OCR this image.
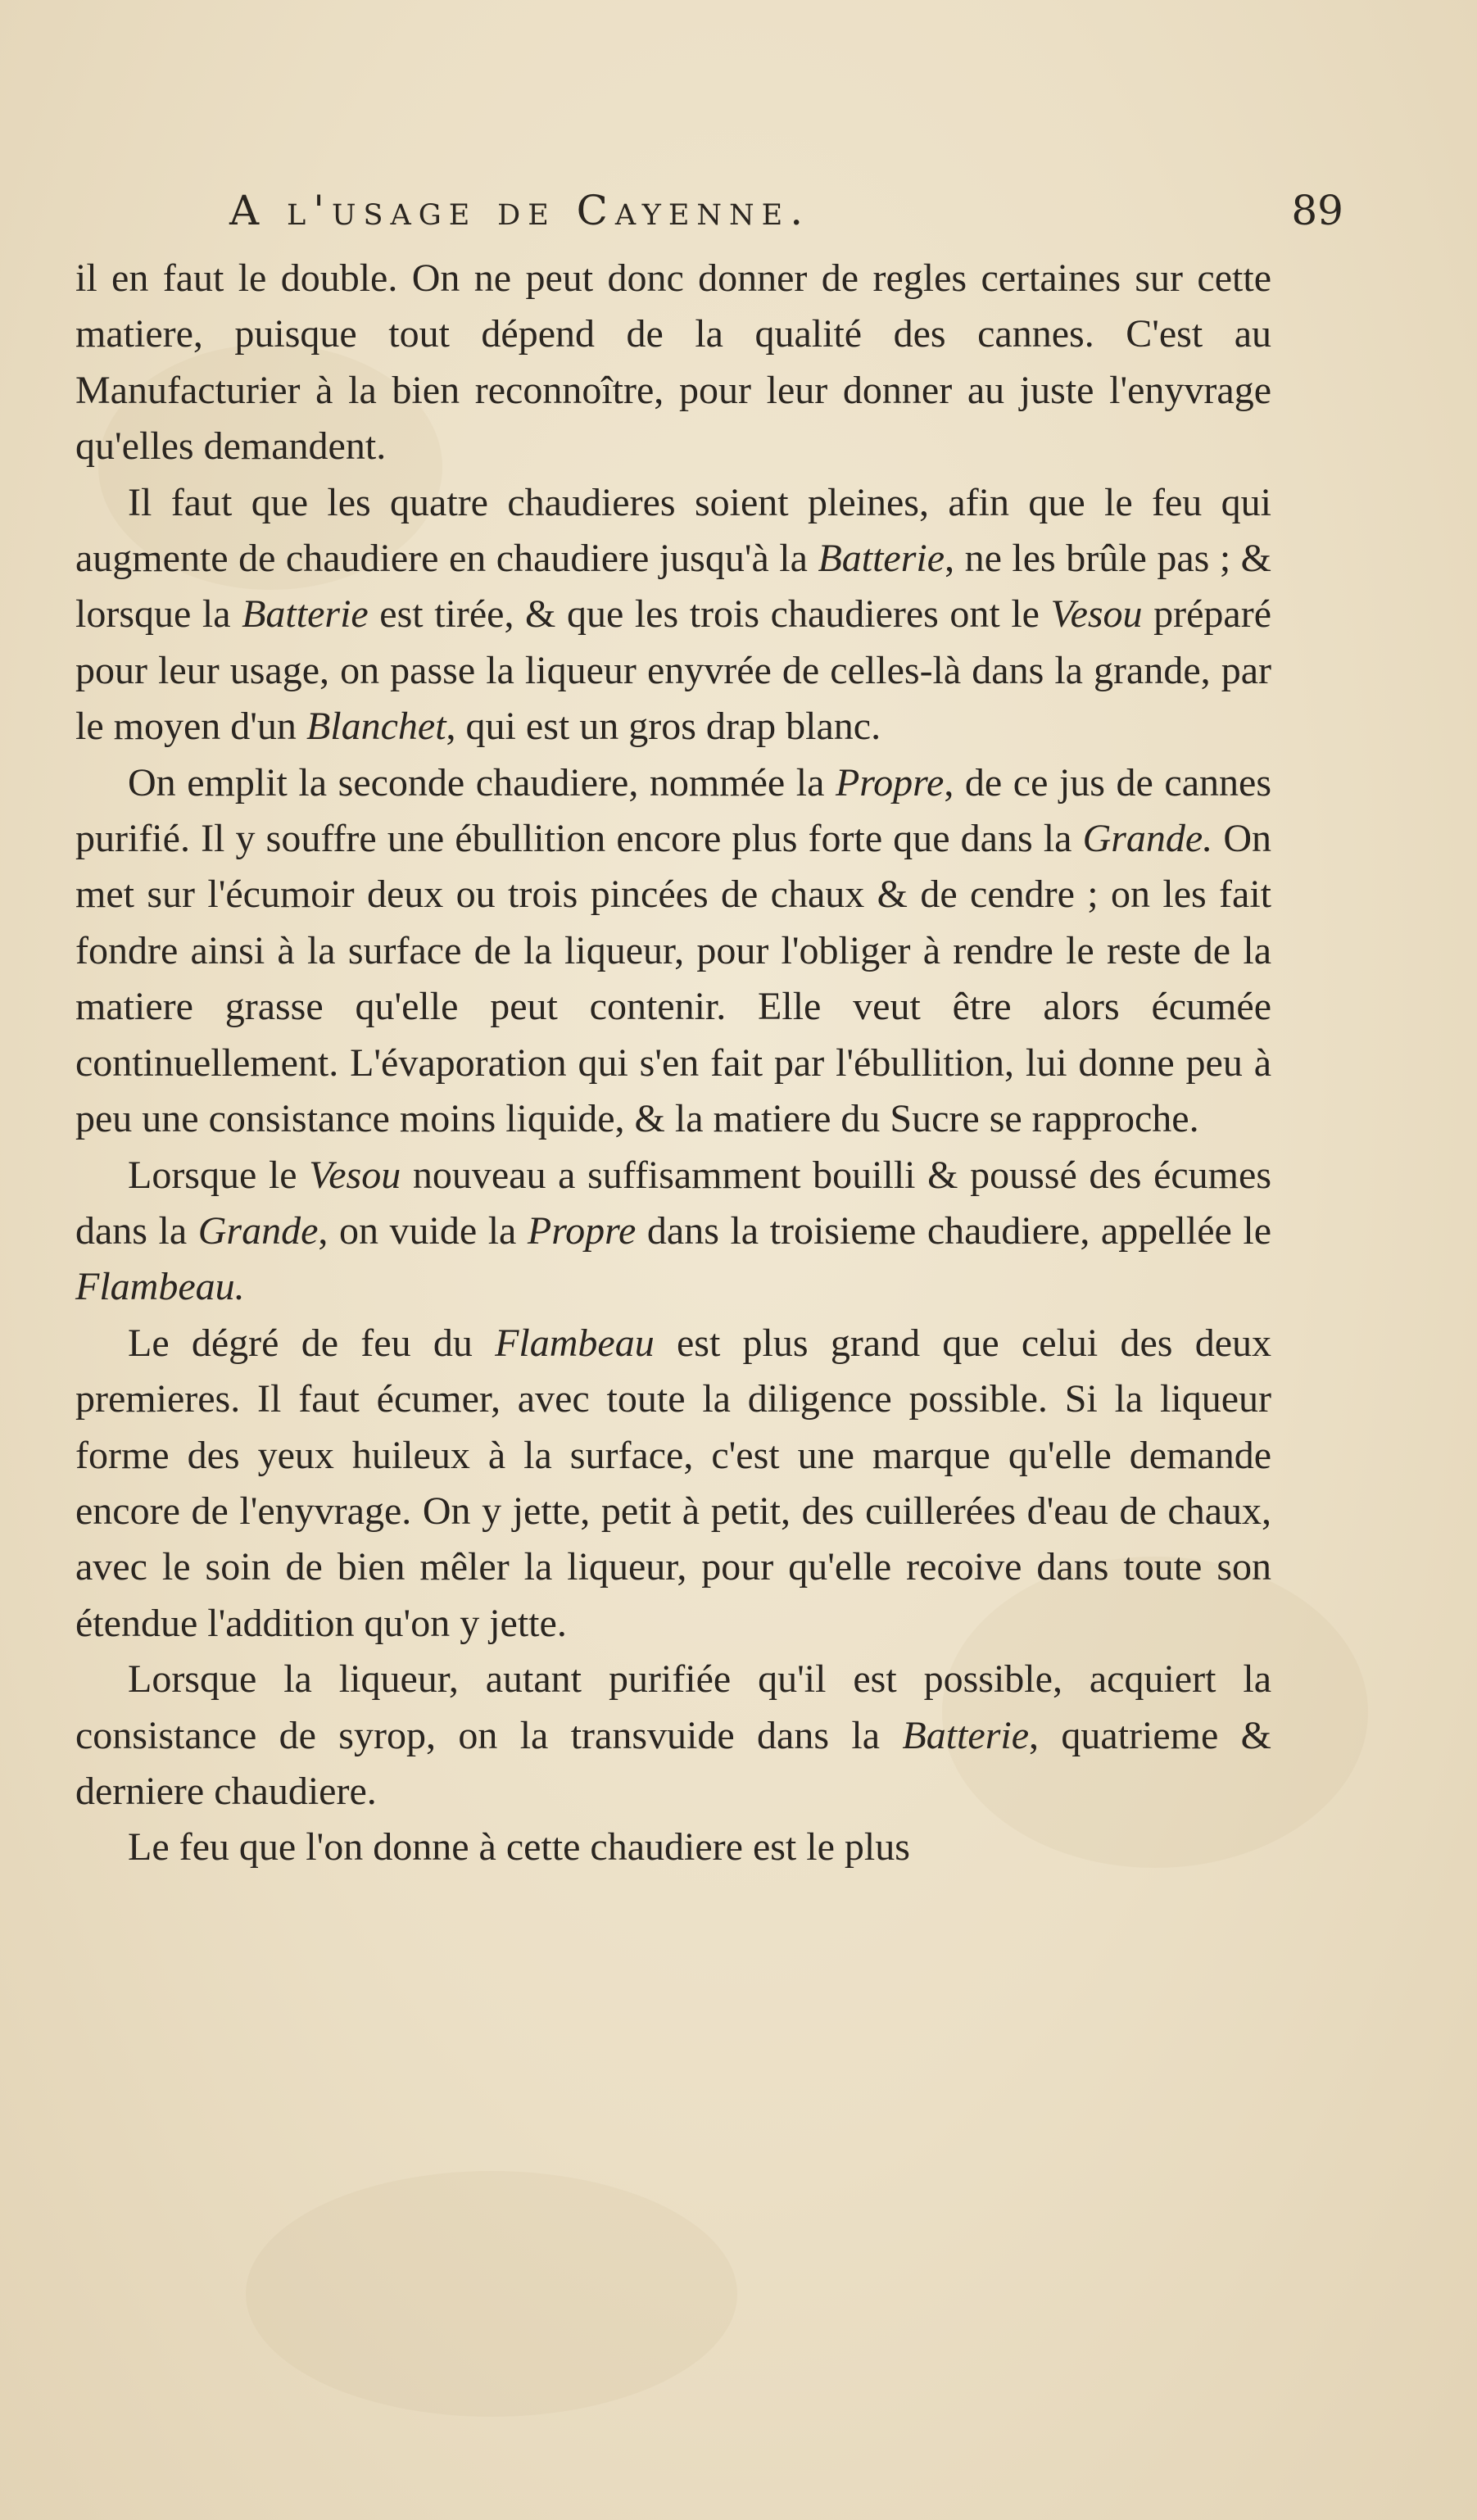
A l'usage de Cayenne.	89

il en faut le double. On ne peut donc donner de regles certaines sur cette matiere, puisque tout dépend de la qualité des cannes. C'est au Manufacturier à la bien reconnoître, pour leur donner au juste l'enyvrage qu'elles demandent.

Il faut que les quatre chaudieres soient pleines, afin que le feu qui augmente de chaudiere en chaudiere jusqu'à la Batterie, ne les brûle pas ; & lorsque la Batterie est tirée, & que les trois chaudieres ont le Vesou préparé pour leur usage, on passe la liqueur enyvrée de celles-là dans la grande, par le moyen d'un Blanchet, qui est un gros drap blanc.

On emplit la seconde chaudiere, nommée la Propre, de ce jus de cannes purifié. Il y souffre une ébullition encore plus forte que dans la Grande. On met sur l'écumoir deux ou trois pincées de chaux & de cendre ; on les fait fondre ainsi à la surface de la liqueur, pour l'obliger à rendre le reste de la matiere grasse qu'elle peut contenir. Elle veut être alors écumée continuellement. L'évaporation qui s'en fait par l'ébullition, lui donne peu à peu une consistance moins liquide, & la matiere du Sucre se rapproche.

Lorsque le Vesou nouveau a suffisamment bouilli & poussé des écumes dans la Grande, on vuide la Propre dans la troisieme chaudiere, appellée le Flambeau.

Le dégré de feu du Flambeau est plus grand que celui des deux premieres. Il faut écumer, avec toute la diligence possible. Si la liqueur forme des yeux huileux à la surface, c'est une marque qu'elle demande encore de l'enyvrage. On y jette, petit à petit, des cuillerées d'eau de chaux, avec le soin de bien mêler la liqueur, pour qu'elle recoive dans toute son étendue l'addition qu'on y jette.

Lorsque la liqueur, autant purifiée qu'il est possible, acquiert la consistance de syrop, on la transvuide dans la Batterie, quatrieme & derniere chaudiere.

Le feu que l'on donne à cette chaudiere est le plus
